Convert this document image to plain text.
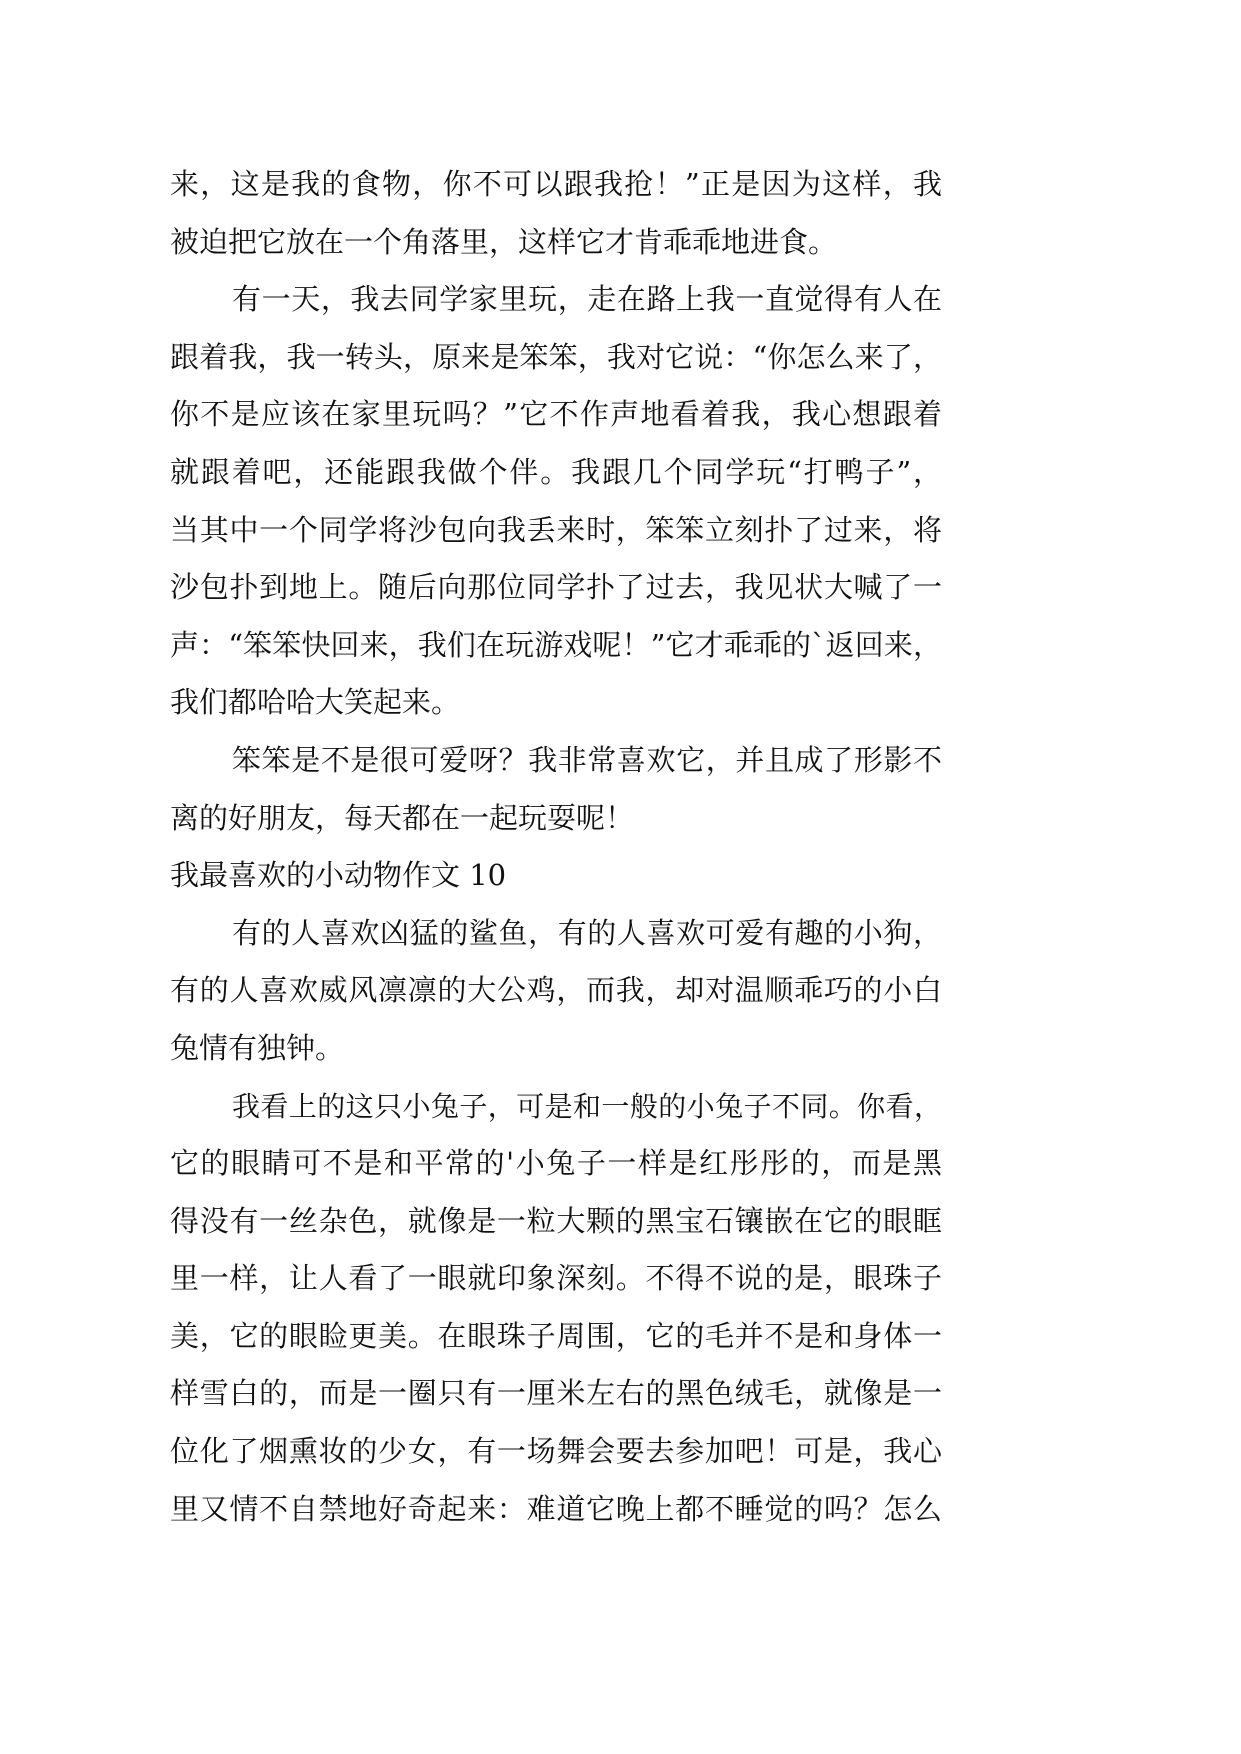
来，这是我的食物，你不可以跟我抢！”正是因为这样，我
被迫把它放在一个角落里，这样它才肯乖乖地进食。
有一天，我去同学家里玩，走在路上我一直觉得有人在
跟着我，我一转头，原来是笨笨，我对它说：“你怎么来了，
你不是应该在家里玩吗？”它不作声地看着我，我心想跟着
就跟着吧，还能跟我做个伴。我跟几个同学玩“打鸭子”，
当其中一个同学将沙包向我丢来时，笨笨立刻扑了过来，将
沙包扑到地上。随后向那位同学扑了过去，我见状大喊了一
声：“笨笨快回来，我们在玩游戏呢！”它才乖乖的`返回来，
我们都哈哈大笑起来。
笨笨是不是很可爱呀？我非常喜欢它，并且成了形影不
离的好朋友，每天都在一起玩耍呢！
我最喜欢的小动物作文 10
有的人喜欢凶猛的鲨鱼，有的人喜欢可爱有趣的小狗，
有的人喜欢威风凛凛的大公鸡，而我，却对温顺乖巧的小白
兔情有独钟。
我看上的这只小兔子，可是和一般的小兔子不同。你看，
它的眼睛可不是和平常的'小兔子一样是红彤彤的，而是黑
得没有一丝杂色，就像是一粒大颗的黑宝石镶嵌在它的眼眶
里一样，让人看了一眼就印象深刻。不得不说的是，眼珠子
美，它的眼睑更美。在眼珠子周围，它的毛并不是和身体一
样雪白的，而是一圈只有一厘米左右的黑色绒毛，就像是一
位化了烟熏妆的少女，有一场舞会要去参加吧！可是，我心
里又情不自禁地好奇起来：难道它晚上都不睡觉的吗？怎么
